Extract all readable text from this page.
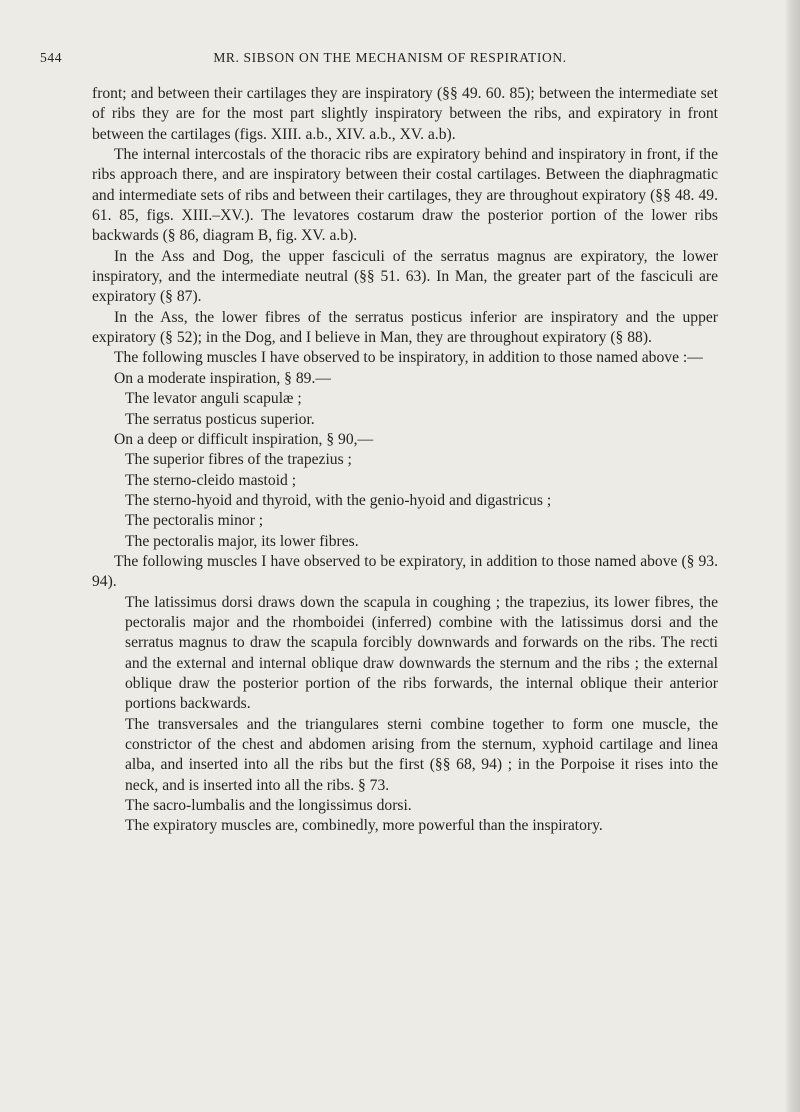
544	MR. SIBSON ON THE MECHANISM OF RESPIRATION.

front; and between their cartilages they are inspiratory (§§ 49. 60. 85); between the intermediate set of ribs they are for the most part slightly inspiratory between the ribs, and expiratory in front between the cartilages (figs. XIII. a.b., XIV. a.b., XV. a.b).

The internal intercostals of the thoracic ribs are expiratory behind and inspiratory in front, if the ribs approach there, and are inspiratory between their costal cartilages. Between the diaphragmatic and intermediate sets of ribs and between their cartilages, they are throughout expiratory (§§ 48. 49. 61. 85, figs. XIII.–XV.). The levatores costarum draw the posterior portion of the lower ribs backwards (§ 86, diagram B, fig. XV. a.b).

In the Ass and Dog, the upper fasciculi of the serratus magnus are expiratory, the lower inspiratory, and the intermediate neutral (§§ 51. 63). In Man, the greater part of the fasciculi are expiratory (§ 87).

In the Ass, the lower fibres of the serratus posticus inferior are inspiratory and the upper expiratory (§ 52); in the Dog, and I believe in Man, they are throughout expiratory (§ 88).

The following muscles I have observed to be inspiratory, in addition to those named above :—

On a moderate inspiration, § 89.—

The levator anguli scapulæ ;

The serratus posticus superior.

On a deep or difficult inspiration, § 90,—

The superior fibres of the trapezius ;

The sterno-cleido mastoid ;

The sterno-hyoid and thyroid, with the genio-hyoid and digastricus ;

The pectoralis minor ;

The pectoralis major, its lower fibres.

The following muscles I have observed to be expiratory, in addition to those named above (§ 93. 94).

The latissimus dorsi draws down the scapula in coughing ; the trapezius, its lower fibres, the pectoralis major and the rhomboidei (inferred) combine with the latissimus dorsi and the serratus magnus to draw the scapula forcibly downwards and forwards on the ribs. The recti and the external and internal oblique draw downwards the sternum and the ribs ; the external oblique draw the posterior portion of the ribs forwards, the internal oblique their anterior portions backwards.

The transversales and the triangulares sterni combine together to form one muscle, the constrictor of the chest and abdomen arising from the sternum, xyphoid cartilage and linea alba, and inserted into all the ribs but the first (§§ 68, 94) ; in the Porpoise it rises into the neck, and is inserted into all the ribs. § 73.

The sacro-lumbalis and the longissimus dorsi.

The expiratory muscles are, combinedly, more powerful than the inspiratory.
